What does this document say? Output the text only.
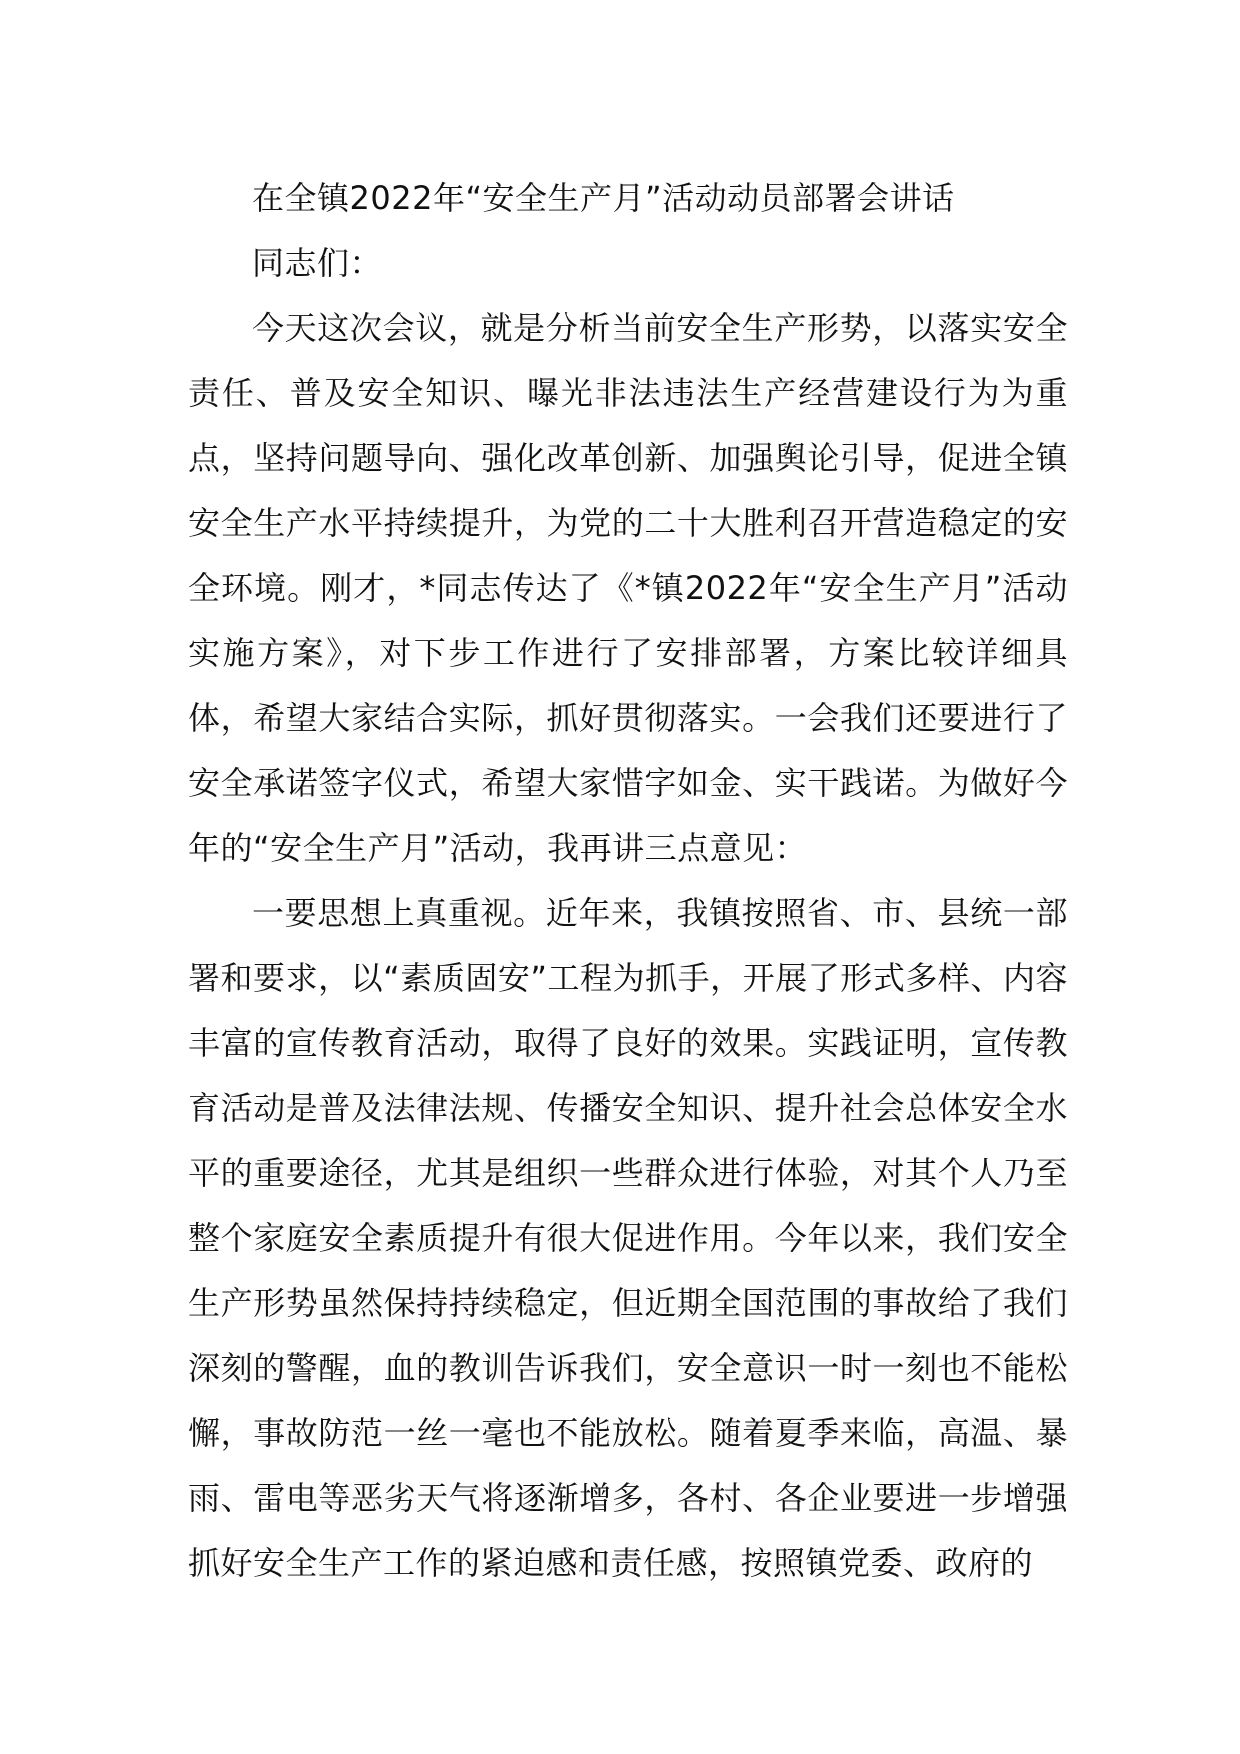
在全镇2022年“安全生产月”活动动员部署会讲话

同志们：

今天这次会议，就是分析当前安全生产形势，以落实安全责任、普及安全知识、曝光非法违法生产经营建设行为为重点，坚持问题导向、强化改革创新、加强舆论引导，促进全镇安全生产水平持续提升，为党的二十大胜利召开营造稳定的安全环境。刚才，*同志传达了《*镇2022年“安全生产月”活动实施方案》，对下步工作进行了安排部署，方案比较详细具体，希望大家结合实际，抓好贯彻落实。一会我们还要进行了安全承诺签字仪式，希望大家惜字如金、实干践诺。为做好今年的“安全生产月”活动，我再讲三点意见：

一要思想上真重视。近年来，我镇按照省、市、县统一部署和要求，以“素质固安”工程为抓手，开展了形式多样、内容丰富的宣传教育活动，取得了良好的效果。实践证明，宣传教育活动是普及法律法规、传播安全知识、提升社会总体安全水平的重要途径，尤其是组织一些群众进行体验，对其个人乃至整个家庭安全素质提升有很大促进作用。今年以来，我们安全生产形势虽然保持持续稳定，但近期全国范围的事故给了我们深刻的警醒，血的教训告诉我们，安全意识一时一刻也不能松懈，事故防范一丝一毫也不能放松。随着夏季来临，高温、暴雨、雷电等恶劣天气将逐渐增多，各村、各企业要进一步增强抓好安全生产工作的紧迫感和责任感，按照镇党委、政府的
